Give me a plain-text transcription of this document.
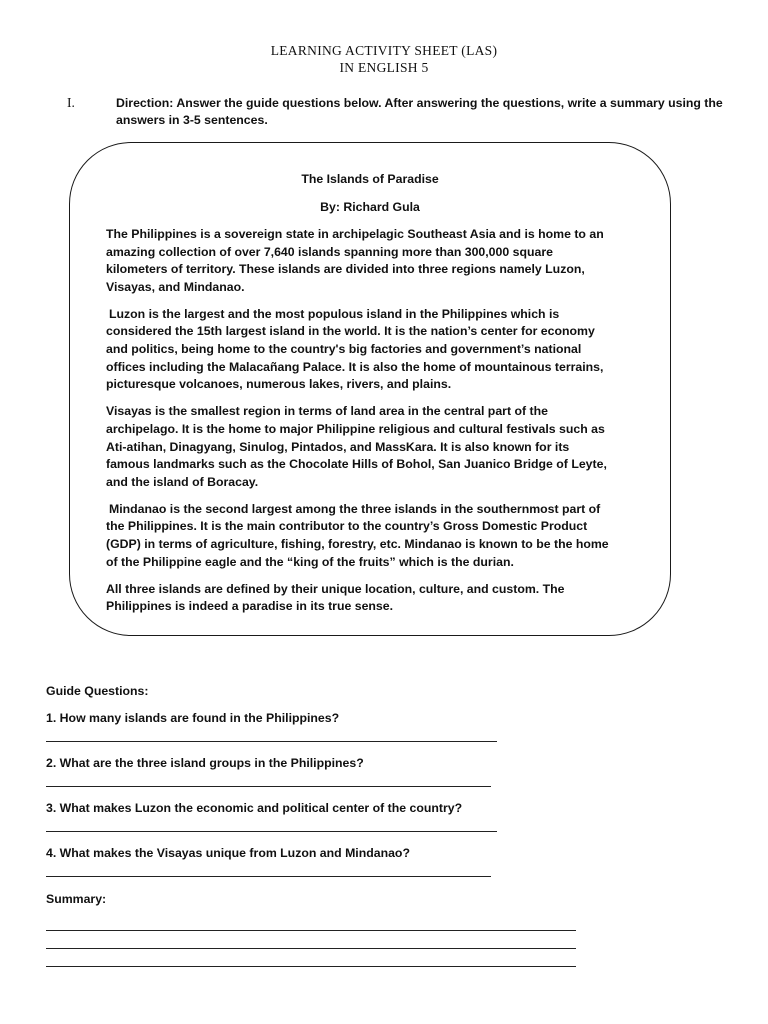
LEARNING ACTIVITY SHEET (LAS)
IN ENGLISH 5
I.	Direction: Answer the guide questions below. After answering the questions, write a summary using the answers in 3-5 sentences.
The Islands of Paradise
By: Richard Gula

The Philippines is a sovereign state in archipelagic Southeast Asia and is home to an amazing collection of over 7,640 islands spanning more than 300,000 square kilometers of territory. These islands are divided into three regions namely Luzon, Visayas, and Mindanao.

Luzon is the largest and the most populous island in the Philippines which is considered the 15th largest island in the world. It is the nation’s center for economy and politics, being home to the country's big factories and government’s national offices including the Malacañang Palace. It is also the home of mountainous terrains, picturesque volcanoes, numerous lakes, rivers, and plains.

Visayas is the smallest region in terms of land area in the central part of the archipelago. It is the home to major Philippine religious and cultural festivals such as Ati-atihan, Dinagyang, Sinulog, Pintados, and MassKara. It is also known for its famous landmarks such as the Chocolate Hills of Bohol, San Juanico Bridge of Leyte, and the island of Boracay.

Mindanao is the second largest among the three islands in the southernmost part of the Philippines. It is the main contributor to the country’s Gross Domestic Product (GDP) in terms of agriculture, fishing, forestry, etc. Mindanao is known to be the home of the Philippine eagle and the “king of the fruits” which is the durian.

All three islands are defined by their unique location, culture, and custom. The Philippines is indeed a paradise in its true sense.

Guide Questions:
1. How many islands are found in the Philippines?
2. What are the three island groups in the Philippines?
3. What makes Luzon the economic and political center of the country?
4. What makes the Visayas unique from Luzon and Mindanao?
Summary:
